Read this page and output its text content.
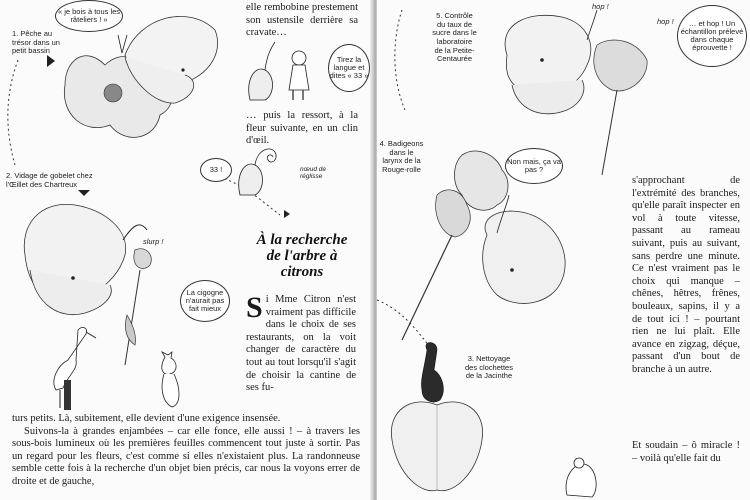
« je bois à tous les râteliers ! »
1. Pêche au trésor dans un petit bassin
elle rembobine prestement son ustensile derrière sa cravate…
Tirez la langue et dites « 33 »
… puis la ressort, à la fleur suivante, en un clin d'œil.
33 !	nœud de réglisse
2. Vidage de gobelet chez l'Œillet des Chartreux
slurp !
La cigogne n'aurait pas fait mieux
À la recherche de l'arbre à citrons
Si Mme Citron n'est vraiment pas difficile dans le choix de ses restaurants, on la voit changer de caractère du tout au tout lorsqu'il s'agit de choisir la cantine de ses fu-

turs petits. Là, subitement, elle devient d'une exigence insensée.

Suivons-la à grandes enjambées – car elle fonce, elle aussi ! – à travers les sous-bois lumineux où les premières feuilles commencent tout juste à sortir. Pas un regard pour les fleurs, c'est comme si elles n'existaient plus. La randonneuse semble cette fois à la recherche d'un objet bien précis, car nous la voyons errer de droite et de gauche,

5. Contrôle du taux de sucre dans le laboratoire de la Petite-Centaurée
hop !
hop !	… et hop ! Un échantillon prélevé dans chaque éprouvette !
4. Badigeons dans le larynx de la Rouge-rolle
Non mais, ça va pas ?
3. Nettoyage des clochettes de la Jacinthe
s'approchant de l'extrémité des branches, qu'elle paraît inspecter en vol à toute vitesse, passant au rameau suivant, puis au suivant, sans perdre une minute. Ce n'est vraiment pas le choix qui manque – chênes, hêtres, frênes, bouleaux, sapins, il y a de tout ici ! – pourtant rien ne lui plaît. Elle avance en zigzag, déçue, passant d'un bout de branche à un autre.
Et soudain – ô miracle ! – voilà qu'elle fait du
